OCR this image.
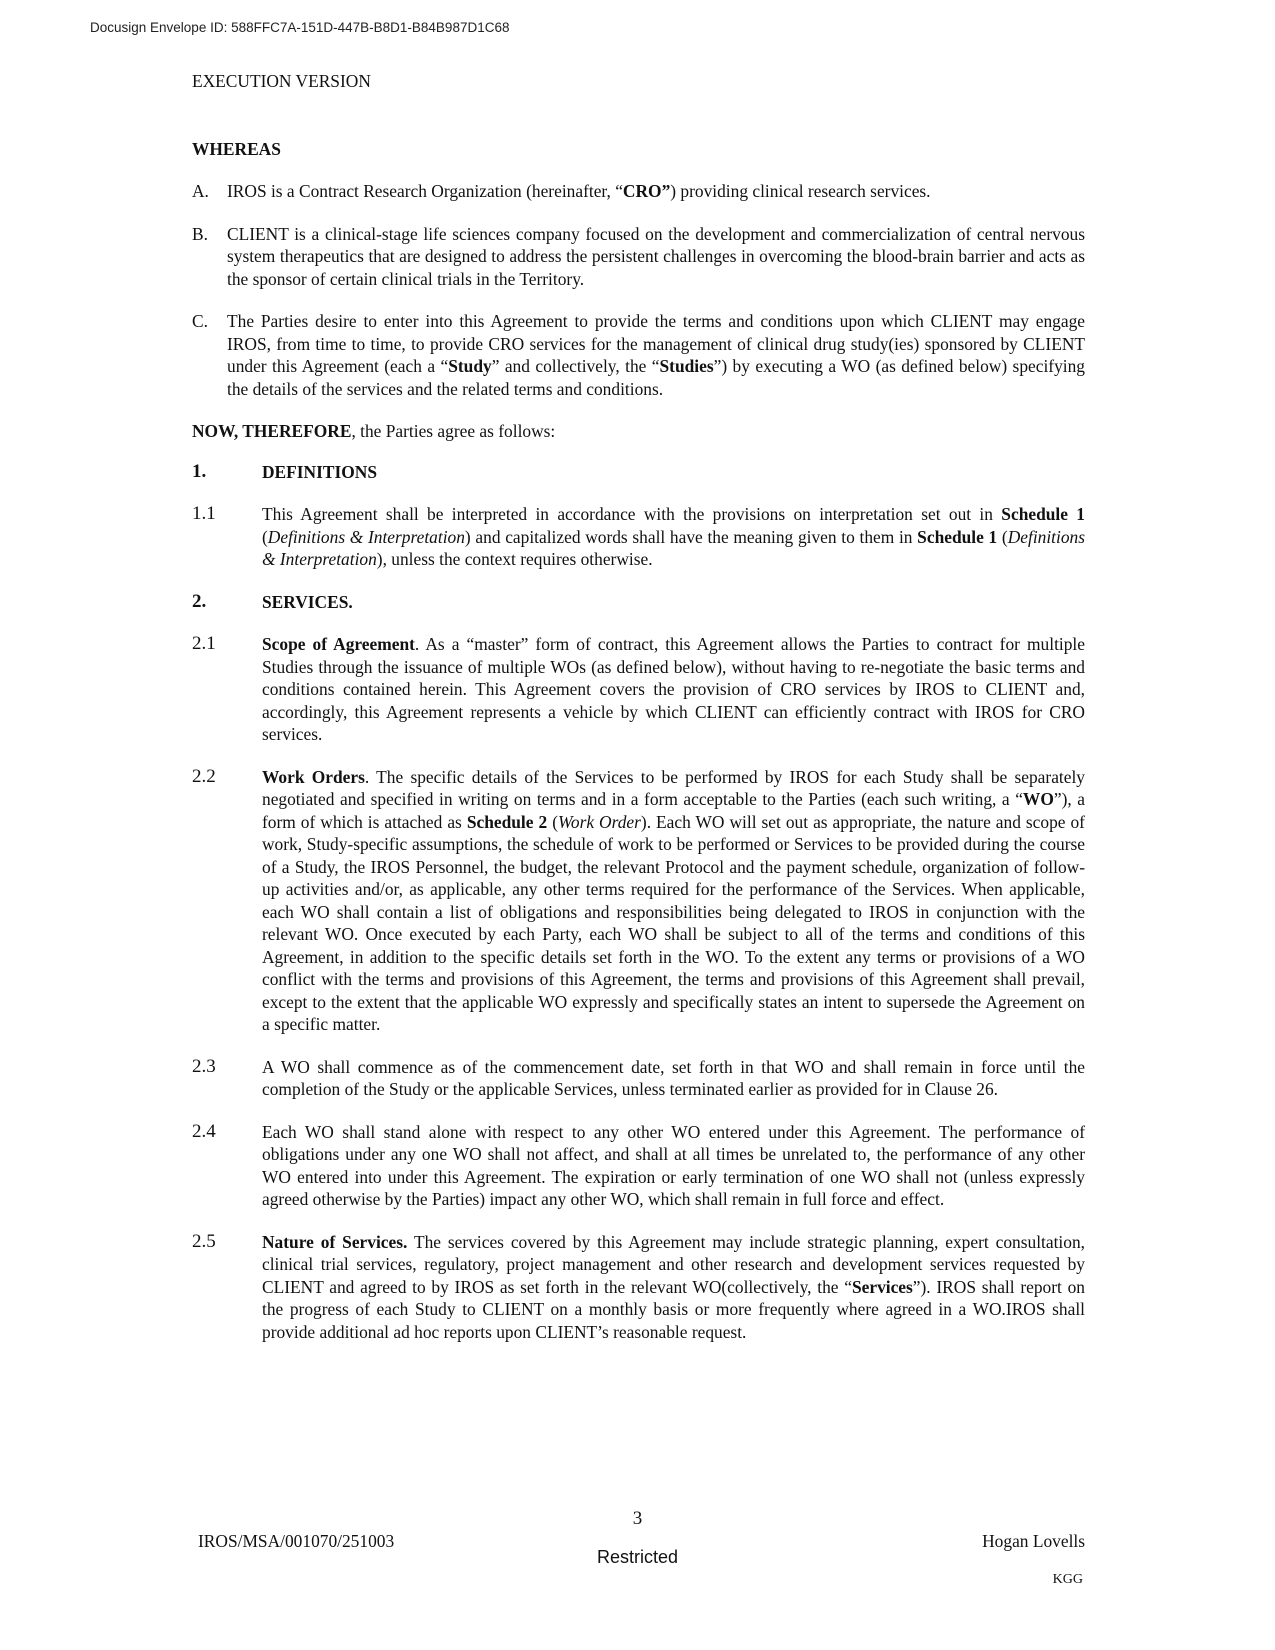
Docusign Envelope ID: 588FFC7A-151D-447B-B8D1-B84B987D1C68
EXECUTION VERSION
WHEREAS
A.	IROS is a Contract Research Organization (hereinafter, “CRO”) providing clinical research services.
B.	CLIENT is a clinical-stage life sciences company focused on the development and commercialization of central nervous system therapeutics that are designed to address the persistent challenges in overcoming the blood-brain barrier and acts as the sponsor of certain clinical trials in the Territory.
C.	The Parties desire to enter into this Agreement to provide the terms and conditions upon which CLIENT may engage IROS, from time to time, to provide CRO services for the management of clinical drug study(ies) sponsored by CLIENT under this Agreement (each a “Study” and collectively, the “Studies”) by executing a WO (as defined below) specifying the details of the services and the related terms and conditions.
NOW, THEREFORE, the Parties agree as follows:
1.	DEFINITIONS
1.1	This Agreement shall be interpreted in accordance with the provisions on interpretation set out in Schedule 1 (Definitions & Interpretation) and capitalized words shall have the meaning given to them in Schedule 1 (Definitions & Interpretation), unless the context requires otherwise.
2.	SERVICES.
2.1	Scope of Agreement. As a “master” form of contract, this Agreement allows the Parties to contract for multiple Studies through the issuance of multiple WOs (as defined below), without having to re-negotiate the basic terms and conditions contained herein. This Agreement covers the provision of CRO services by IROS to CLIENT and, accordingly, this Agreement represents a vehicle by which CLIENT can efficiently contract with IROS for CRO services.
2.2	Work Orders. The specific details of the Services to be performed by IROS for each Study shall be separately negotiated and specified in writing on terms and in a form acceptable to the Parties (each such writing, a “WO”), a form of which is attached as Schedule 2 (Work Order). Each WO will set out as appropriate, the nature and scope of work, Study-specific assumptions, the schedule of work to be performed or Services to be provided during the course of a Study, the IROS Personnel, the budget, the relevant Protocol and the payment schedule, organization of follow-up activities and/or, as applicable, any other terms required for the performance of the Services. When applicable, each WO shall contain a list of obligations and responsibilities being delegated to IROS in conjunction with the relevant WO. Once executed by each Party, each WO shall be subject to all of the terms and conditions of this Agreement, in addition to the specific details set forth in the WO. To the extent any terms or provisions of a WO conflict with the terms and provisions of this Agreement, the terms and provisions of this Agreement shall prevail, except to the extent that the applicable WO expressly and specifically states an intent to supersede the Agreement on a specific matter.
2.3	A WO shall commence as of the commencement date, set forth in that WO and shall remain in force until the completion of the Study or the applicable Services, unless terminated earlier as provided for in Clause 26.
2.4	Each WO shall stand alone with respect to any other WO entered under this Agreement. The performance of obligations under any one WO shall not affect, and shall at all times be unrelated to, the performance of any other WO entered into under this Agreement. The expiration or early termination of one WO shall not (unless expressly agreed otherwise by the Parties) impact any other WO, which shall remain in full force and effect.
2.5	Nature of Services. The services covered by this Agreement may include strategic planning, expert consultation, clinical trial services, regulatory, project management and other research and development services requested by CLIENT and agreed to by IROS as set forth in the relevant WO(collectively, the “Services”). IROS shall report on the progress of each Study to CLIENT on a monthly basis or more frequently where agreed in a WO.IROS shall provide additional ad hoc reports upon CLIENT’s reasonable request.
3
IROS/MSA/001070/251003	Hogan Lovells
Restricted
KGG
